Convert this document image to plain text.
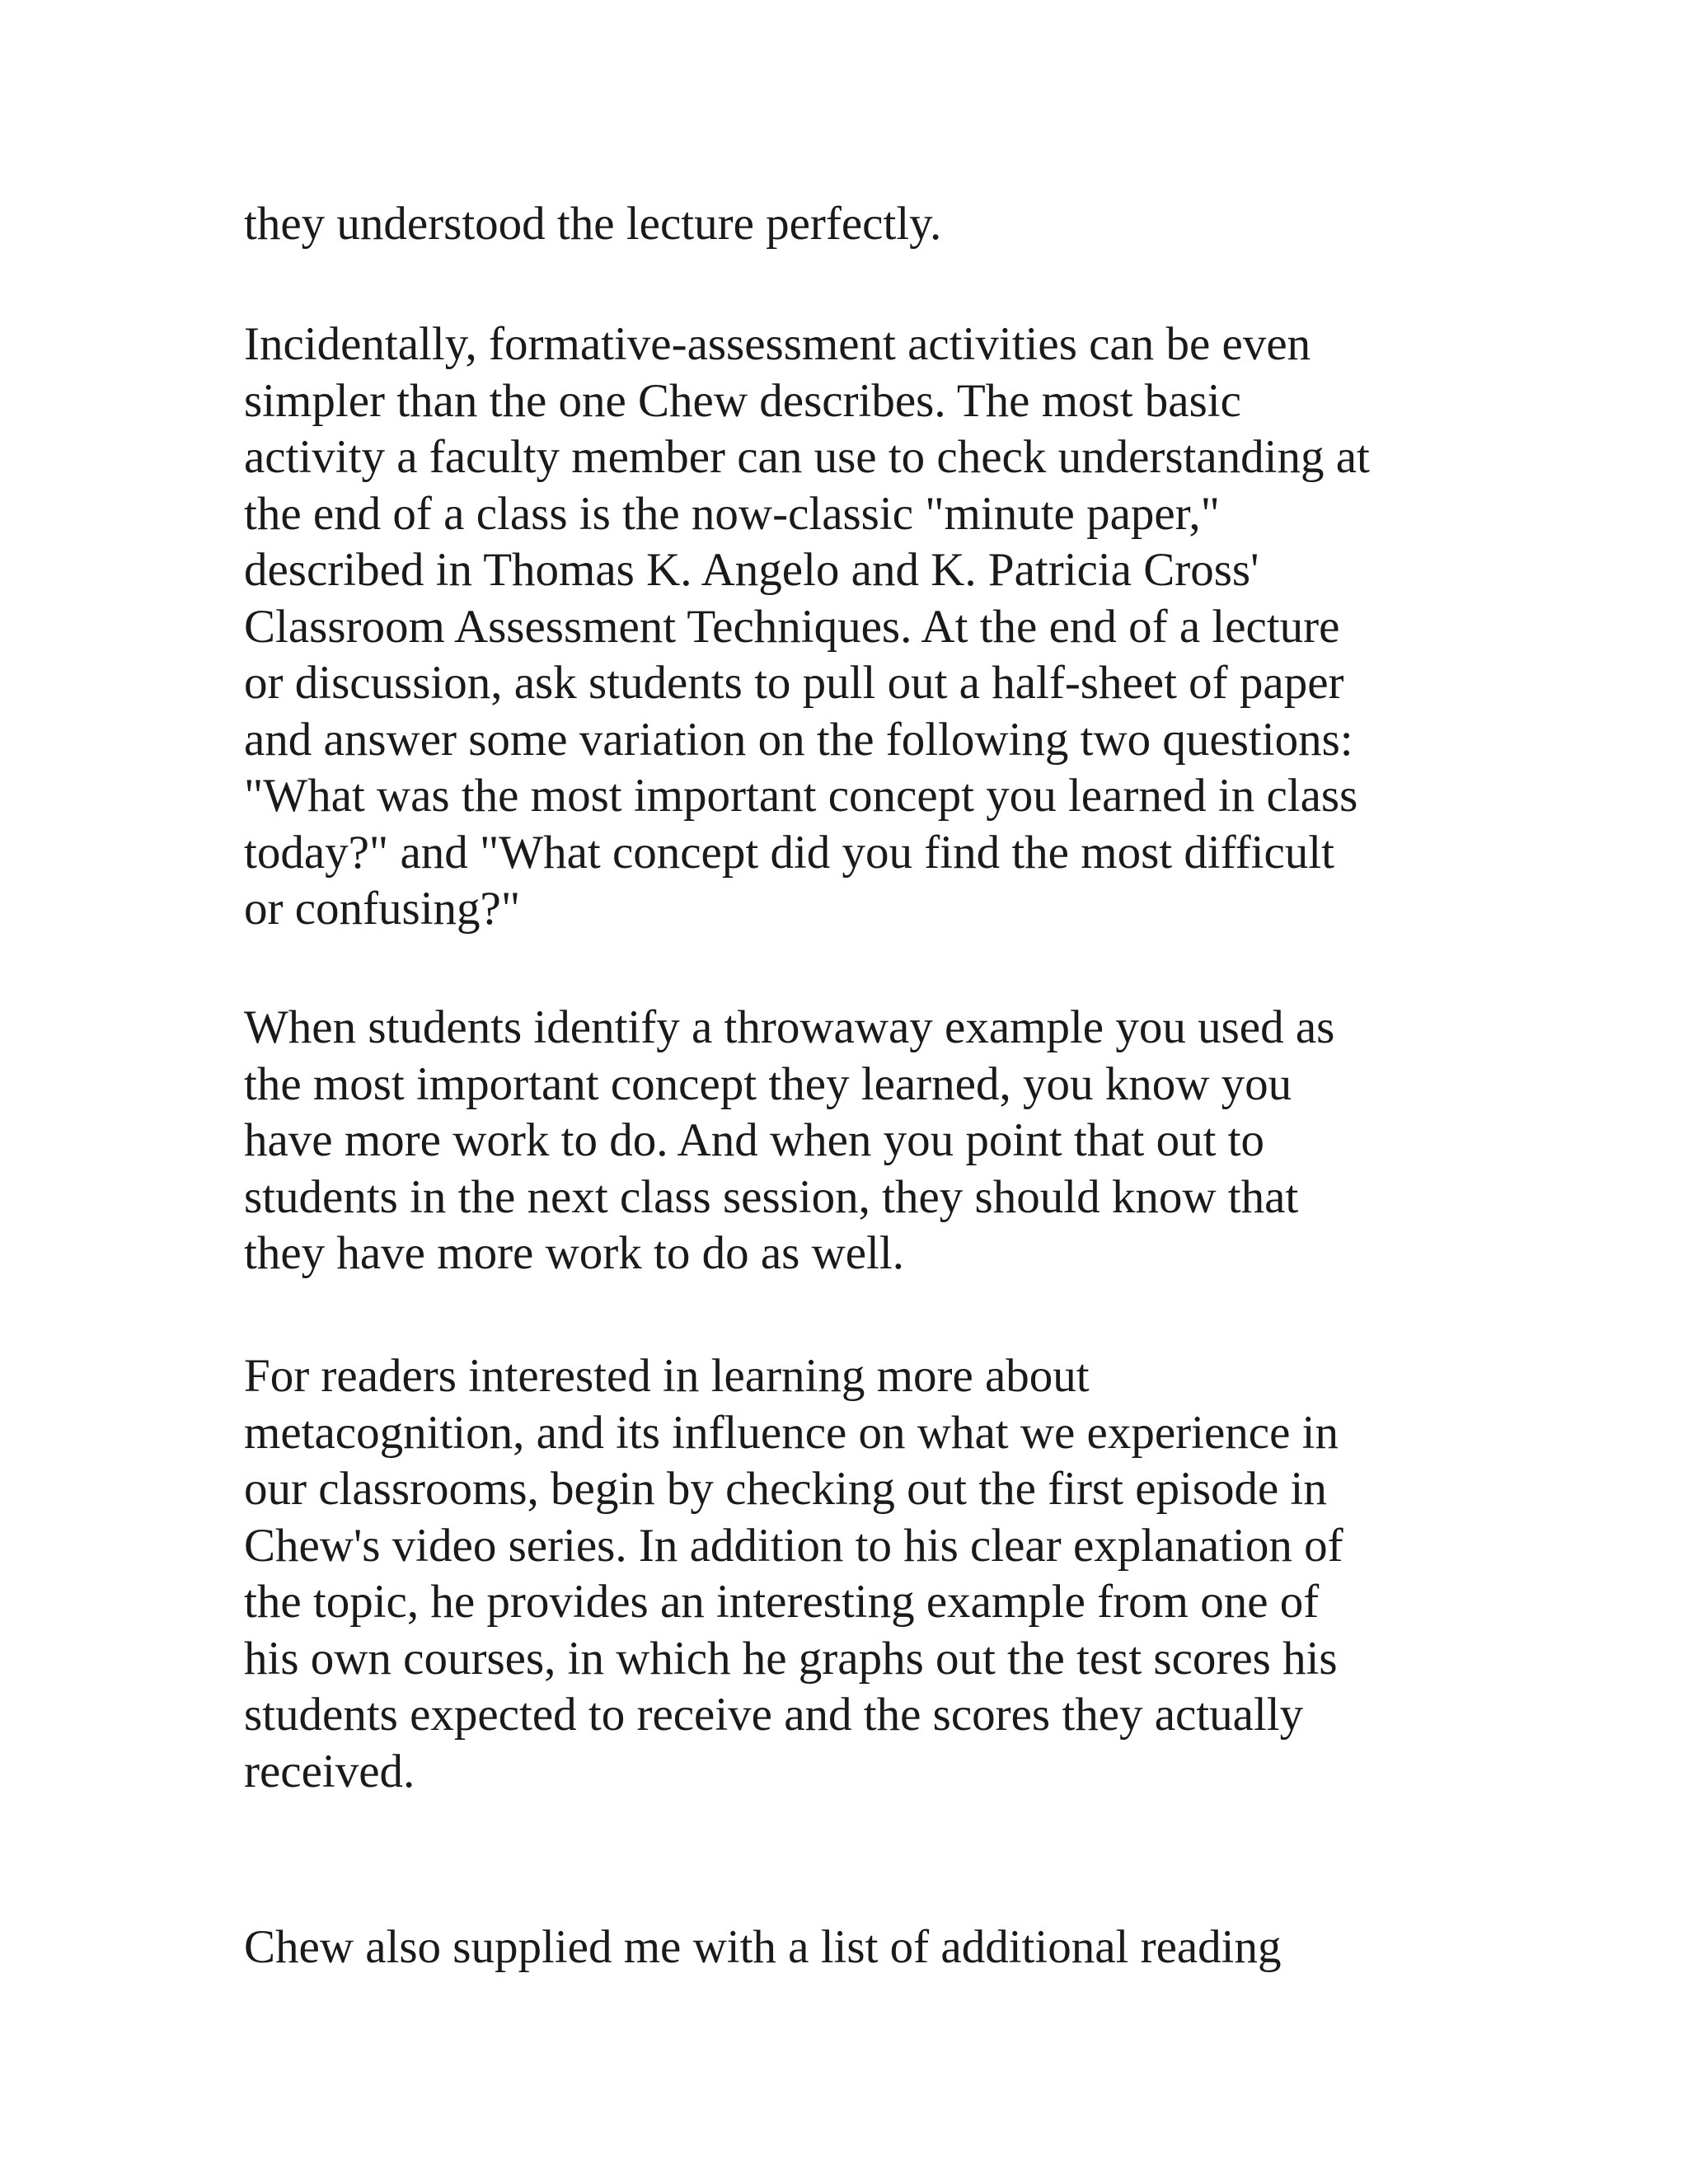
they understood the lecture perfectly.
Incidentally, formative-assessment activities can be even
simpler than the one Chew describes. The most basic
activity a faculty member can use to check understanding at
the end of a class is the now-classic "minute paper,"
described in Thomas K. Angelo and K. Patricia Cross'
Classroom Assessment Techniques. At the end of a lecture
or discussion, ask students to pull out a half-sheet of paper
and answer some variation on the following two questions:
"What was the most important concept you learned in class
today?" and "What concept did you find the most difficult
or confusing?"
When students identify a throwaway example you used as
the most important concept they learned, you know you
have more work to do. And when you point that out to
students in the next class session, they should know that
they have more work to do as well.
For readers interested in learning more about
metacognition, and its influence on what we experience in
our classrooms, begin by checking out the first episode in
Chew's video series. In addition to his clear explanation of
the topic, he provides an interesting example from one of
his own courses, in which he graphs out the test scores his
students expected to receive and the scores they actually
received.
Chew also supplied me with a list of additional reading
